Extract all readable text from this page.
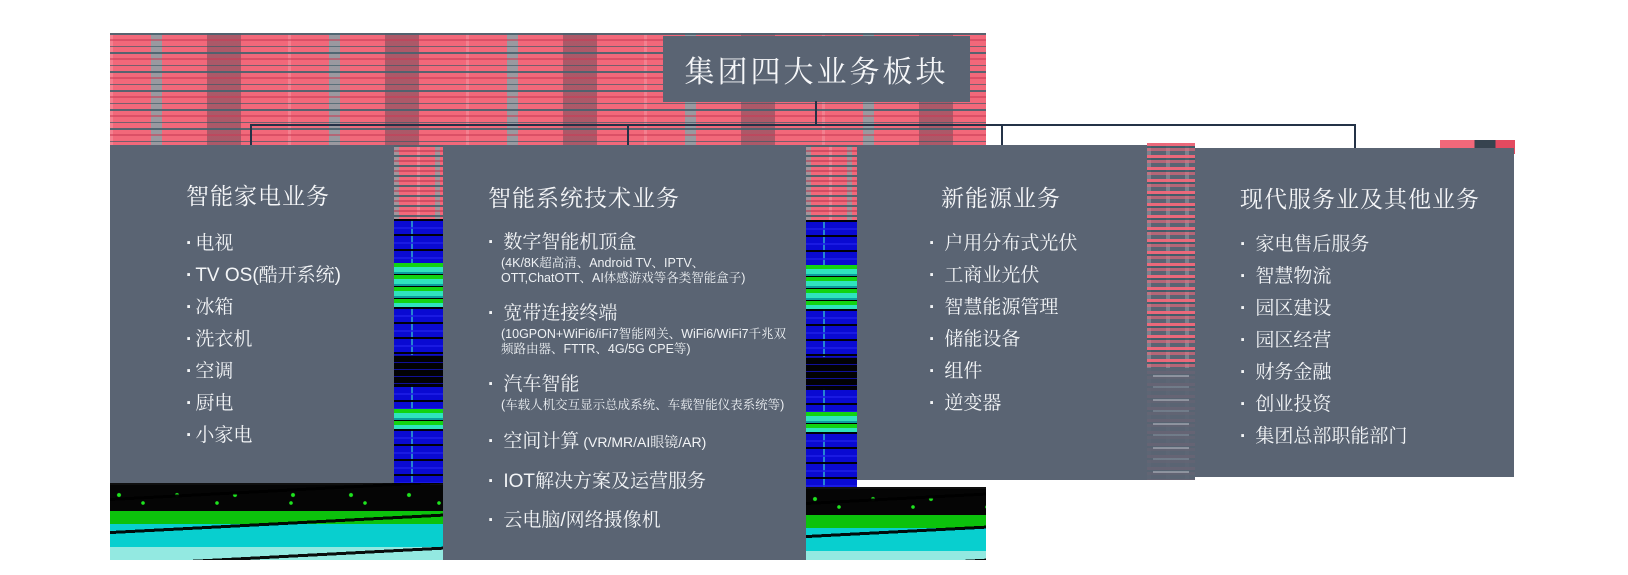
集团四大业务板块
智能家电业务
· 电视
· TV OS(酷开系统)
· 冰箱
· 洗衣机
· 空调
· 厨电
· 小家电
智能系统技术业务
· 数字智能机顶盒
(4K/8K超高清、Android TV、IPTV、OTT,ChatOTT、AI体感游戏等各类智能盒子)
· 宽带连接终端
(10GPON+WiFi6/iFi7智能网关、WiFi6/WiFi7千兆双频路由器、FTTR、4G/5G CPE等)
· 汽车智能
(车载人机交互显示总成系统、车载智能仪表系统等)
· 空间计算 (VR/MR/AI眼镜/AR)
· IOT解决方案及运营服务
· 云电脑/网络摄像机
新能源业务
· 户用分布式光伏
· 工商业光伏
· 智慧能源管理
· 储能设备
· 组件
· 逆变器
现代服务业及其他业务
· 家电售后服务
· 智慧物流
· 园区建设
· 园区经营
· 财务金融
· 创业投资
· 集团总部职能部门
